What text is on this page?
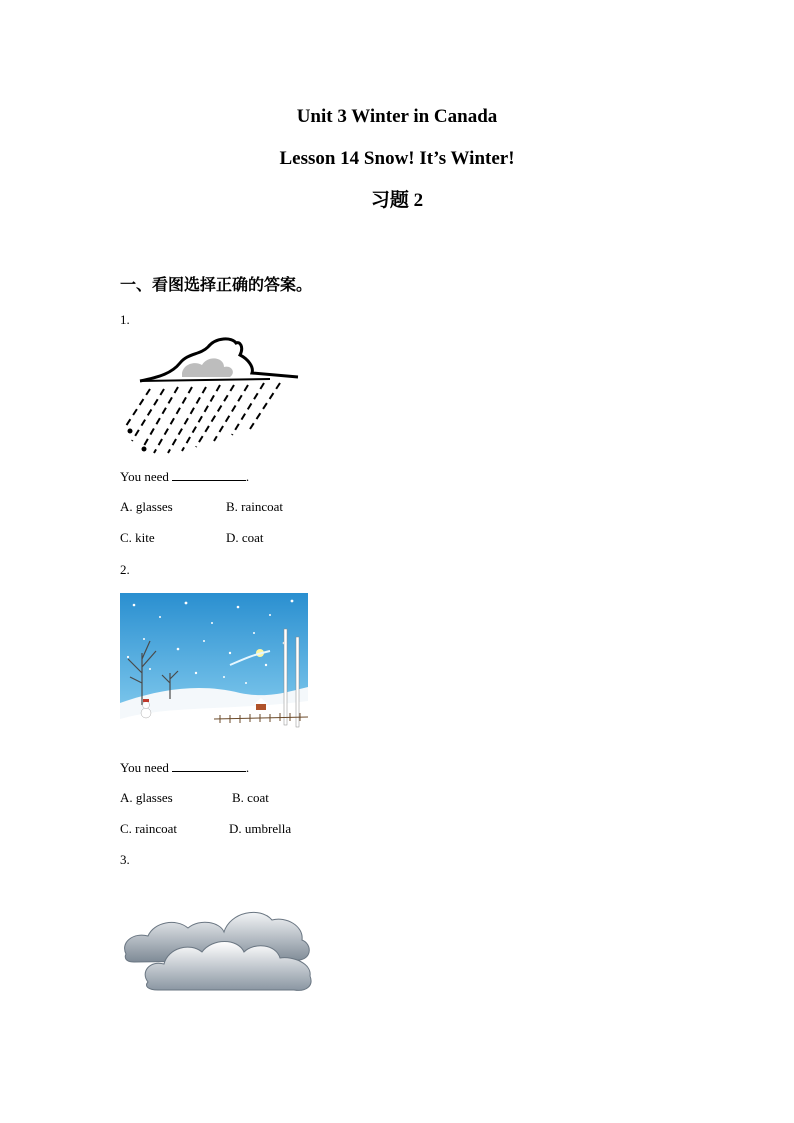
Unit 3 Winter in Canada
Lesson 14 Snow! It’s Winter!
习题 2
一、看图选择正确的答案。
1.
You need	.
A. glasses	B. raincoat
C. kite	D. coat
2.
You need	.
A. glasses	B. coat
C. raincoat	D. umbrella
3.
